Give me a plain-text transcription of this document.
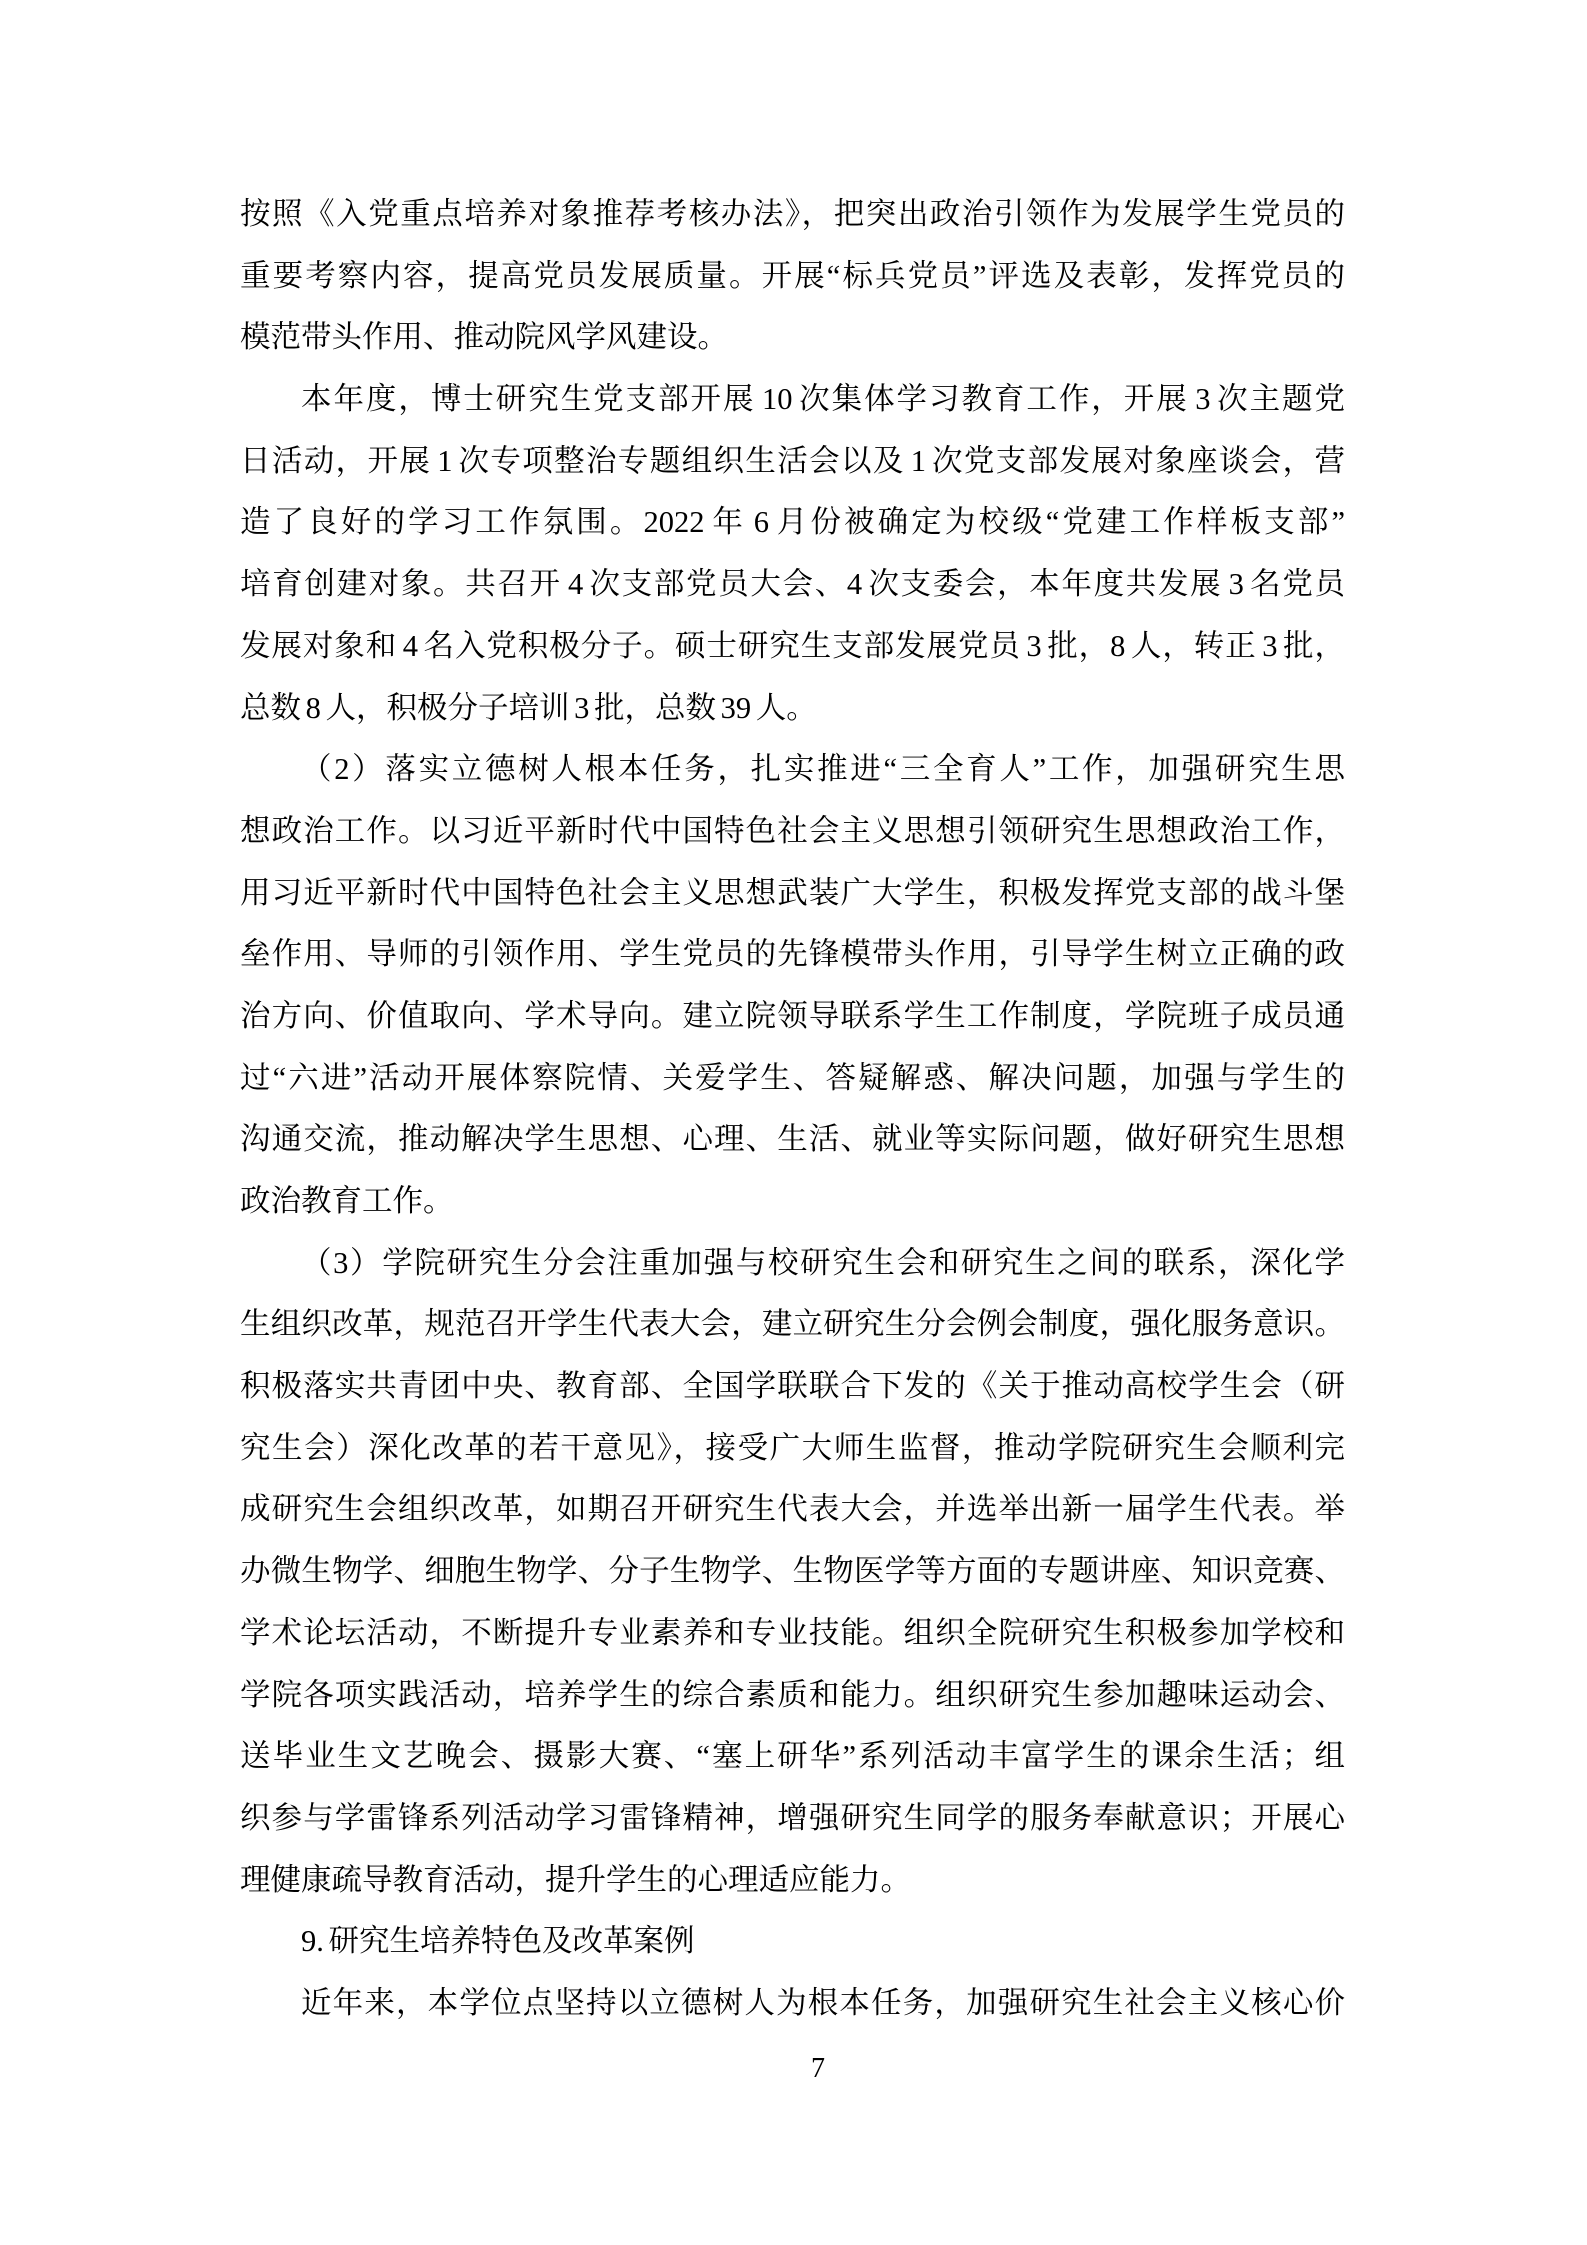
按照《入党重点培养对象推荐考核办法》，把突出政治引领作为发展学生党员的
重要考察内容，提高党员发展质量。开展“标兵党员”评选及表彰，发挥党员的
模范带头作用、推动院风学风建设。
本年度，博士研究生党支部开展 10 次集体学习教育工作，开展 3 次主题党
日活动，开展 1 次专项整治专题组织生活会以及 1 次党支部发展对象座谈会，营
造了良好的学习工作氛围。2022 年 6 月份被确定为校级“党建工作样板支部”
培育创建对象。共召开 4 次支部党员大会、4 次支委会，本年度共发展 3 名党员
发展对象和 4 名入党积极分子。硕士研究生支部发展党员 3 批，8 人，转正 3 批，
总数 8 人，积极分子培训 3 批，总数 39 人。
（2）落实立德树人根本任务，扎实推进“三全育人”工作，加强研究生思
想政治工作。以习近平新时代中国特色社会主义思想引领研究生思想政治工作，
用习近平新时代中国特色社会主义思想武装广大学生，积极发挥党支部的战斗堡
垒作用、导师的引领作用、学生党员的先锋模带头作用，引导学生树立正确的政
治方向、价值取向、学术导向。建立院领导联系学生工作制度，学院班子成员通
过“六进”活动开展体察院情、关爱学生、答疑解惑、解决问题，加强与学生的
沟通交流，推动解决学生思想、心理、生活、就业等实际问题，做好研究生思想
政治教育工作。
（3）学院研究生分会注重加强与校研究生会和研究生之间的联系，深化学
生组织改革，规范召开学生代表大会，建立研究生分会例会制度，强化服务意识。
积极落实共青团中央、教育部、全国学联联合下发的《关于推动高校学生会（研
究生会）深化改革的若干意见》，接受广大师生监督，推动学院研究生会顺利完
成研究生会组织改革，如期召开研究生代表大会，并选举出新一届学生代表。举
办微生物学、细胞生物学、分子生物学、生物医学等方面的专题讲座、知识竞赛、
学术论坛活动，不断提升专业素养和专业技能。组织全院研究生积极参加学校和
学院各项实践活动，培养学生的综合素质和能力。组织研究生参加趣味运动会、
送毕业生文艺晚会、摄影大赛、“塞上研华”系列活动丰富学生的课余生活；组
织参与学雷锋系列活动学习雷锋精神，增强研究生同学的服务奉献意识；开展心
理健康疏导教育活动，提升学生的心理适应能力。
9. 研究生培养特色及改革案例
近年来，本学位点坚持以立德树人为根本任务，加强研究生社会主义核心价
7
